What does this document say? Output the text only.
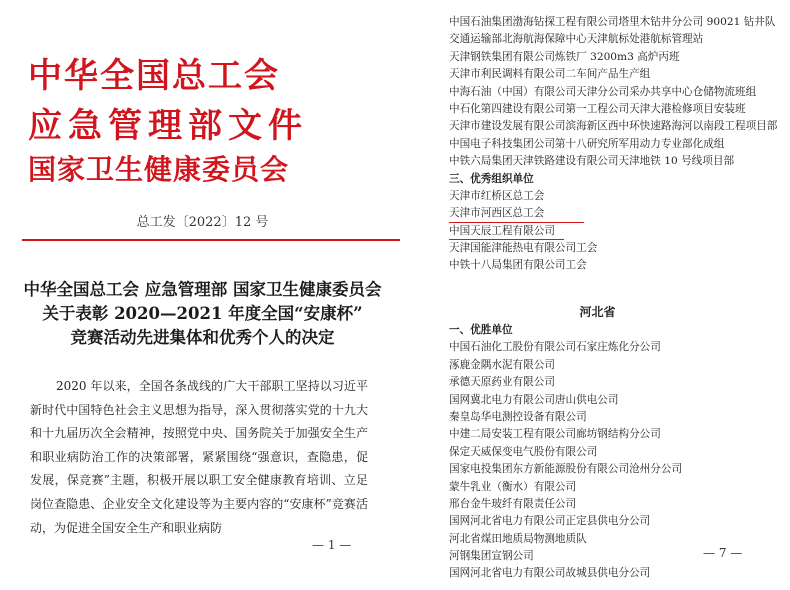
中华全国总工会
应急管理部文件
国家卫生健康委员会
总工发〔2022〕12 号
中华全国总工会 应急管理部 国家卫生健康委员会
关于表彰 2020—2021 年度全国“安康杯”
竞赛活动先进集体和优秀个人的决定
2020 年以来，全国各条战线的广大干部职工坚持以习近平新时代中国特色社会主义思想为指导，深入贯彻落实党的十九大和十九届历次全会精神，按照党中央、国务院关于加强安全生产和职业病防治工作的决策部署，紧紧围绕“强意识，查隐患，促发展，保竞赛”主题，积极开展以职工安全健康教育培训、立足岗位查隐患、企业安全文化建设等为主要内容的“安康杯”竞赛活动，为促进全国安全生产和职业病防
— 1 —
中国石油集团渤海钻探工程有限公司塔里木钻井分公司 90021 钻井队
交通运输部北海航海保障中心天津航标处港航标管理站
天津钢铁集团有限公司炼铁厂 3200m3 高炉丙班
天津市利民调料有限公司二车间产品生产组
中海石油（中国）有限公司天津分公司采办共享中心仓储物流班组
中石化第四建设有限公司第一工程公司天津大港检修项目安装班
天津市建设发展有限公司滨海新区西中环快速路海河以南段工程项目部
中国电子科技集团公司第十八研究所军用动力专业部化成组
中铁六局集团天津铁路建设有限公司天津地铁 10 号线项目部
三、优秀组织单位
天津市红桥区总工会
天津市河西区总工会
中国天辰工程有限公司
天津国能津能热电有限公司工会
中铁十八局集团有限公司工会
一、优胜单位
中国石油化工股份有限公司石家庄炼化分公司
涿鹿金隅水泥有限公司
承德天原药业有限公司
国网冀北电力有限公司唐山供电公司
秦皇岛华电测控设备有限公司
中建二局安装工程有限公司廊坊钢结构分公司
保定天威保变电气股份有限公司
国家电投集团东方新能源股份有限公司沧州分公司
蒙牛乳业（衡水）有限公司
邢台金牛玻纤有限责任公司
国网河北省电力有限公司正定县供电分公司
河北省煤田地质局物测地质队
河钢集团宣钢公司
国网河北省电力有限公司故城县供电分公司
— 7 —
河北省
